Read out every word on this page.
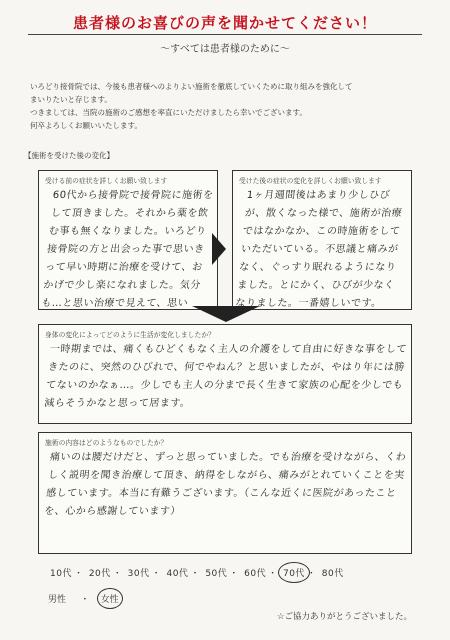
患者様のお喜びの声を聞かせてください！
〜すべては患者様のために〜
いろどり接骨院では、今後も患者様へのよりよい施術を徹底していくために取り組みを強化して
まいりたいと存じます。
つきましては、当院の施術のご感想を率直にいただけましたら幸いでございます。
何卒よろしくお願いいたします。
【施術を受けた後の変化】
受ける前の症状を詳しくお願い致します
60代から接骨院で接骨院に施術をして頂きました。それから薬を飲む事も無くなりました。いろどり接骨院の方と出会った事で思いきって早い時期に治療を受けて、おかげで少し楽になれました。気分も…と思い治療で見えて、思い
受けた後の症状の変化を詳しくお願い致します
1ヶ月週間後はあまり少しひびが、散くなった様で、施術が治療ではなかなか、この時施術をしていただいている。不思議と痛みがなく、ぐっすり眠れるようになりました。とにかく、ひびが少なくなりました。一番嬉しいです。
身体の変化によってどのように生活が変化しましたか？
一時期までは、痛くもひどくもなく主人の介護をして自由に好きな事をしてきたのに、突然のひびれで、何でやねん？と思いましたが、やはり年には勝てないのかなぁ…。少しでも主人の分まで長く生きて家族の心配を少しでも減らそうかなと思って居ます。
施術の内容はどのようなものでしたか？
痛いのは腰だけだと、ずっと思っていました。でも治療を受けながら、くわしく説明を聞き治療して頂き、納得をしながら、痛みがとれていくことを実感しています。本当に有難うございます。（こんな近くに医院があったことを、心から感謝しています）
10代 ・ 20代 ・ 30代 ・ 40代 ・ 50代 ・ 60代 ・ 70代 ・ 80代
男性 ・ 女性
☆ご協力ありがとうございました。
